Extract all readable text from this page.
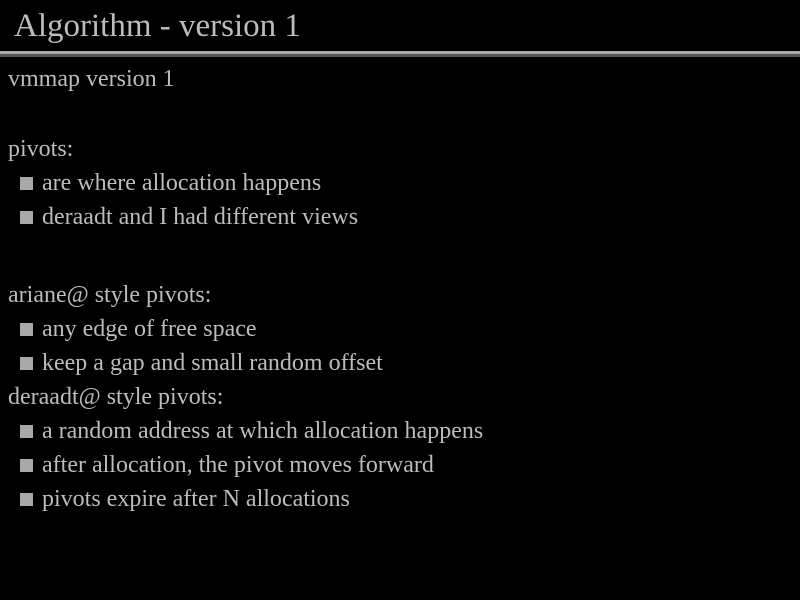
Algorithm - version 1
vmmap version 1
pivots:
are where allocation happens
deraadt and I had different views
ariane@ style pivots:
any edge of free space
keep a gap and small random offset
deraadt@ style pivots:
a random address at which allocation happens
after allocation, the pivot moves forward
pivots expire after N allocations
